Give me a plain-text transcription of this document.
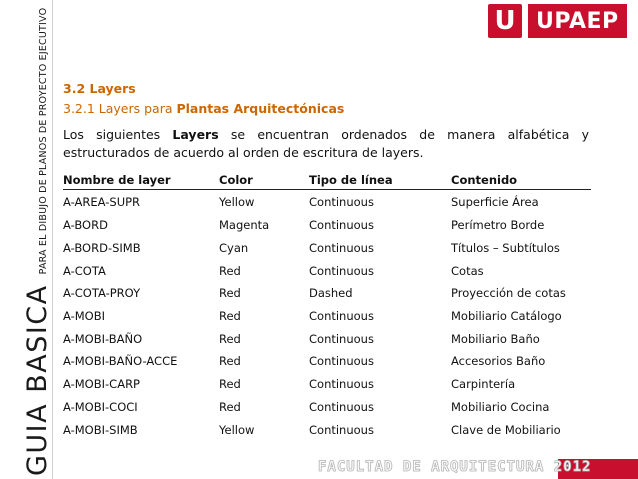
GUIA BASICA
PARA EL DIBUJO DE PLANOS DE PROYECTO EJECUTIVO	U UPAEP
3.2 Layers
3.2.1 Layers para Plantas Arquitectónicas
Los siguientes Layers se encuentran ordenados de manera alfabética y estructurados de acuerdo al orden de escritura de layers.
Nombre de layer	Color	Tipo de línea	Contenido
A-AREA-SUPR	Yellow	Continuous	Superficie Área
A-BORD	Magenta	Continuous	Perímetro Borde
A-BORD-SIMB	Cyan	Continuous	Títulos – Subtítulos
A-COTA	Red	Continuous	Cotas
A-COTA-PROY	Red	Dashed	Proyección de cotas
A-MOBI	Red	Continuous	Mobiliario Catálogo
A-MOBI-BAÑO	Red	Continuous	Mobiliario Baño
A-MOBI-BAÑO-ACCE	Red	Continuous	Accesorios Baño
A-MOBI-CARP	Red	Continuous	Carpintería
A-MOBI-COCI	Red	Continuous	Mobiliario Cocina
A-MOBI-SIMB	Yellow	Continuous	Clave de Mobiliario
FACULTAD DE ARQUITECTURA 2012
